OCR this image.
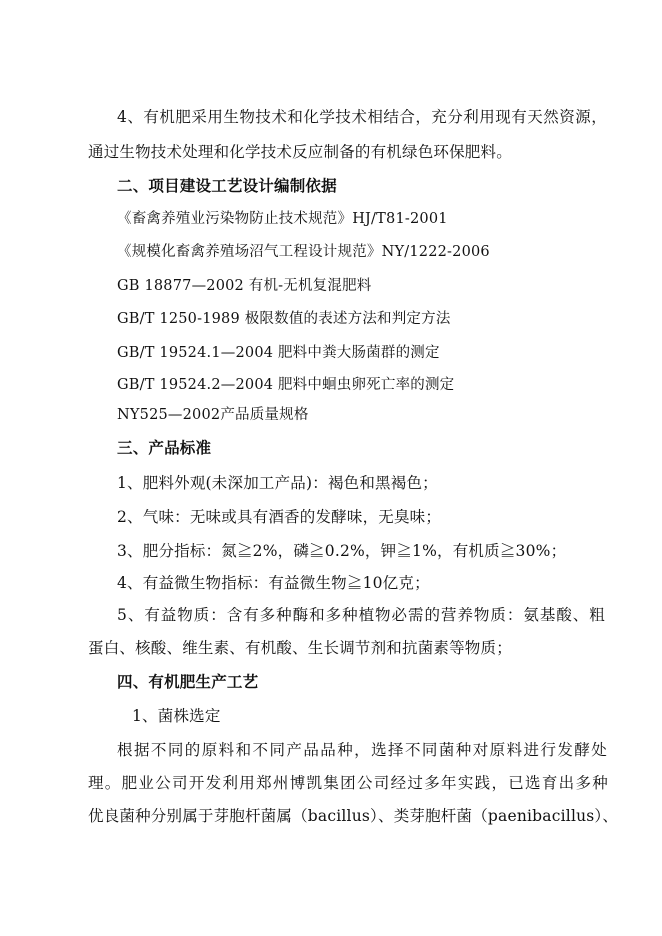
4、有机肥采用生物技术和化学技术相结合，充分利用现有天然资源，
通过生物技术处理和化学技术反应制备的有机绿色环保肥料。
二、项目建设工艺设计编制依据
《畜禽养殖业污染物防止技术规范》HJ/T81-2001
《规模化畜禽养殖场沼气工程设计规范》NY/1222-2006
GB 18877—2002 有机-无机复混肥料
GB/T 1250-1989 极限数值的表述方法和判定方法
GB/T 19524.1—2004 肥料中粪大肠菌群的测定
GB/T 19524.2—2004 肥料中蛔虫卵死亡率的测定
NY525—2002产品质量规格
三、产品标准
1、肥料外观(未深加工产品)：褐色和黑褐色；
2、气味：无味或具有酒香的发酵味，无臭味；
3、肥分指标：氮≧2%，磷≧0.2%，钾≧1%，有机质≧30%；
4、有益微生物指标：有益微生物≧10亿克；
5、有益物质：含有多种酶和多种植物必需的营养物质：氨基酸、粗
蛋白、核酸、维生素、有机酸、生长调节剂和抗菌素等物质；
四、有机肥生产工艺
1、菌株选定
根据不同的原料和不同产品品种，选择不同菌种对原料进行发酵处
理。肥业公司开发利用郑州博凯集团公司经过多年实践，已选育出多种
优良菌种分别属于芽胞杆菌属（bacillus）、类芽胞杆菌（paenibacillus）、
